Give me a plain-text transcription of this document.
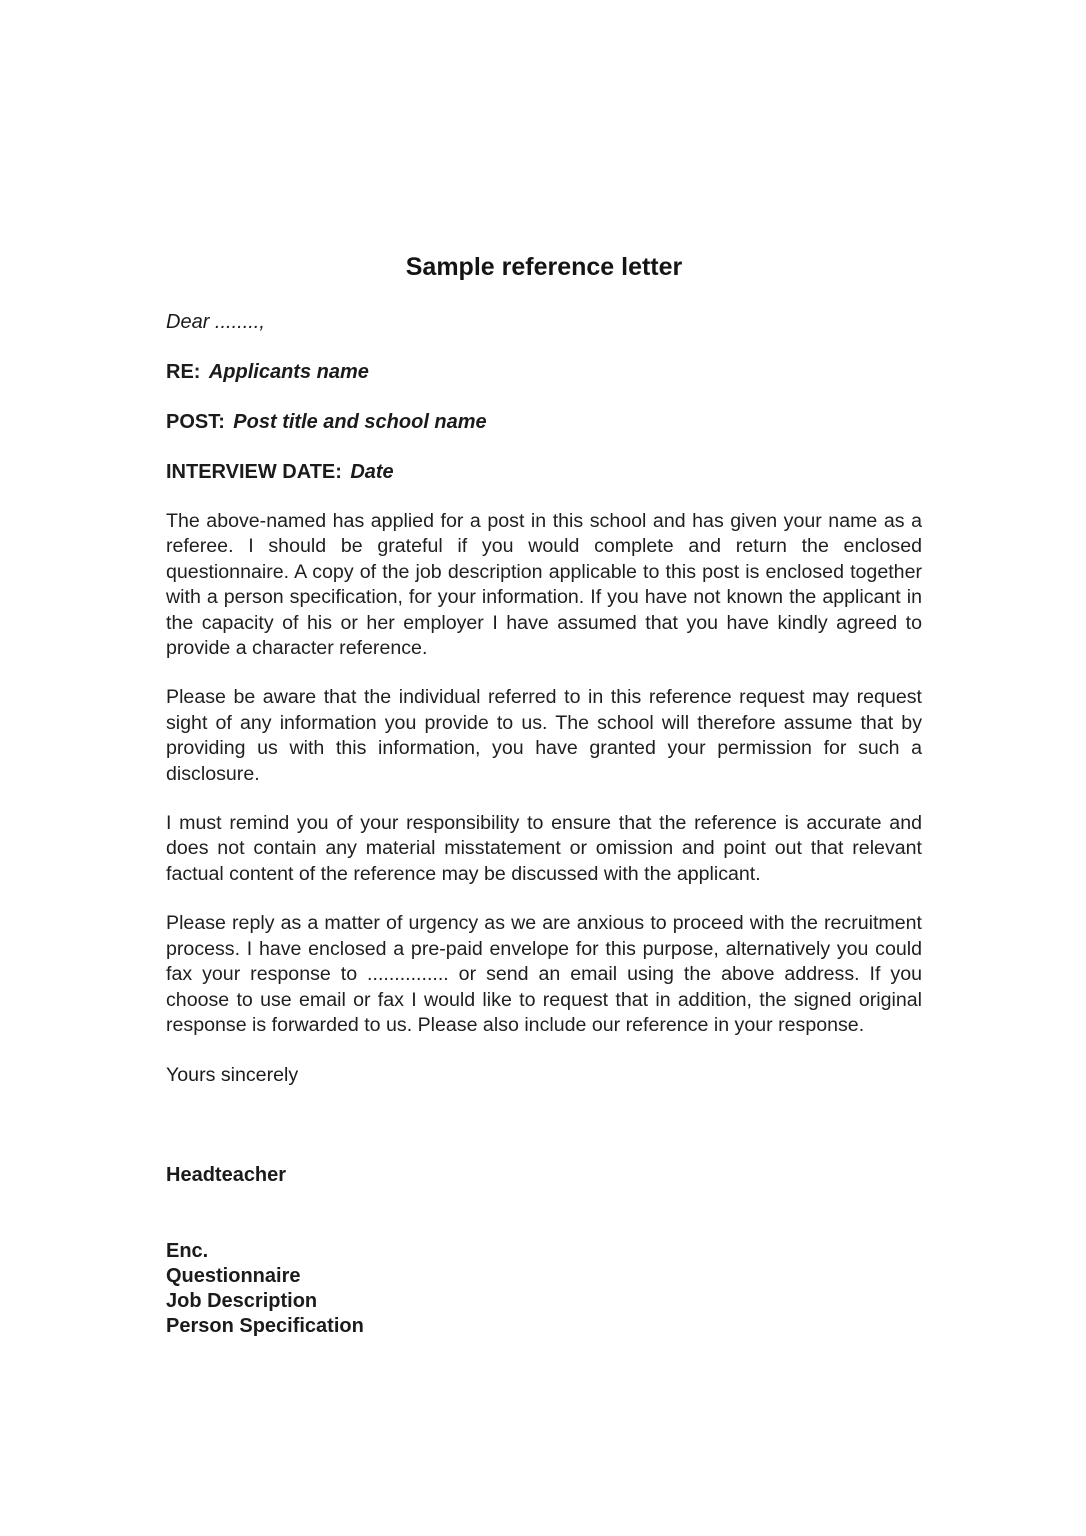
Sample reference letter

Dear ........,

RE: Applicants name
POST: Post title and school name
INTERVIEW DATE: Date

The above-named has applied for a post in this school and has given your name as a referee. I should be grateful if you would complete and return the enclosed questionnaire. A copy of the job description applicable to this post is enclosed together with a person specification, for your information. If you have not known the applicant in the capacity of his or her employer I have assumed that you have kindly agreed to provide a character reference.

Please be aware that the individual referred to in this reference request may request sight of any information you provide to us. The school will therefore assume that by providing us with this information, you have granted your permission for such a disclosure.

I must remind you of your responsibility to ensure that the reference is accurate and does not contain any material misstatement or omission and point out that relevant factual content of the reference may be discussed with the applicant.

Please reply as a matter of urgency as we are anxious to proceed with the recruitment process. I have enclosed a pre-paid envelope for this purpose, alternatively you could fax your response to ............... or send an email using the above address. If you choose to use email or fax I would like to request that in addition, the signed original response is forwarded to us. Please also include our reference in your response.

Yours sincerely

Headteacher
Enc.
Questionnaire
Job Description
Person Specification
